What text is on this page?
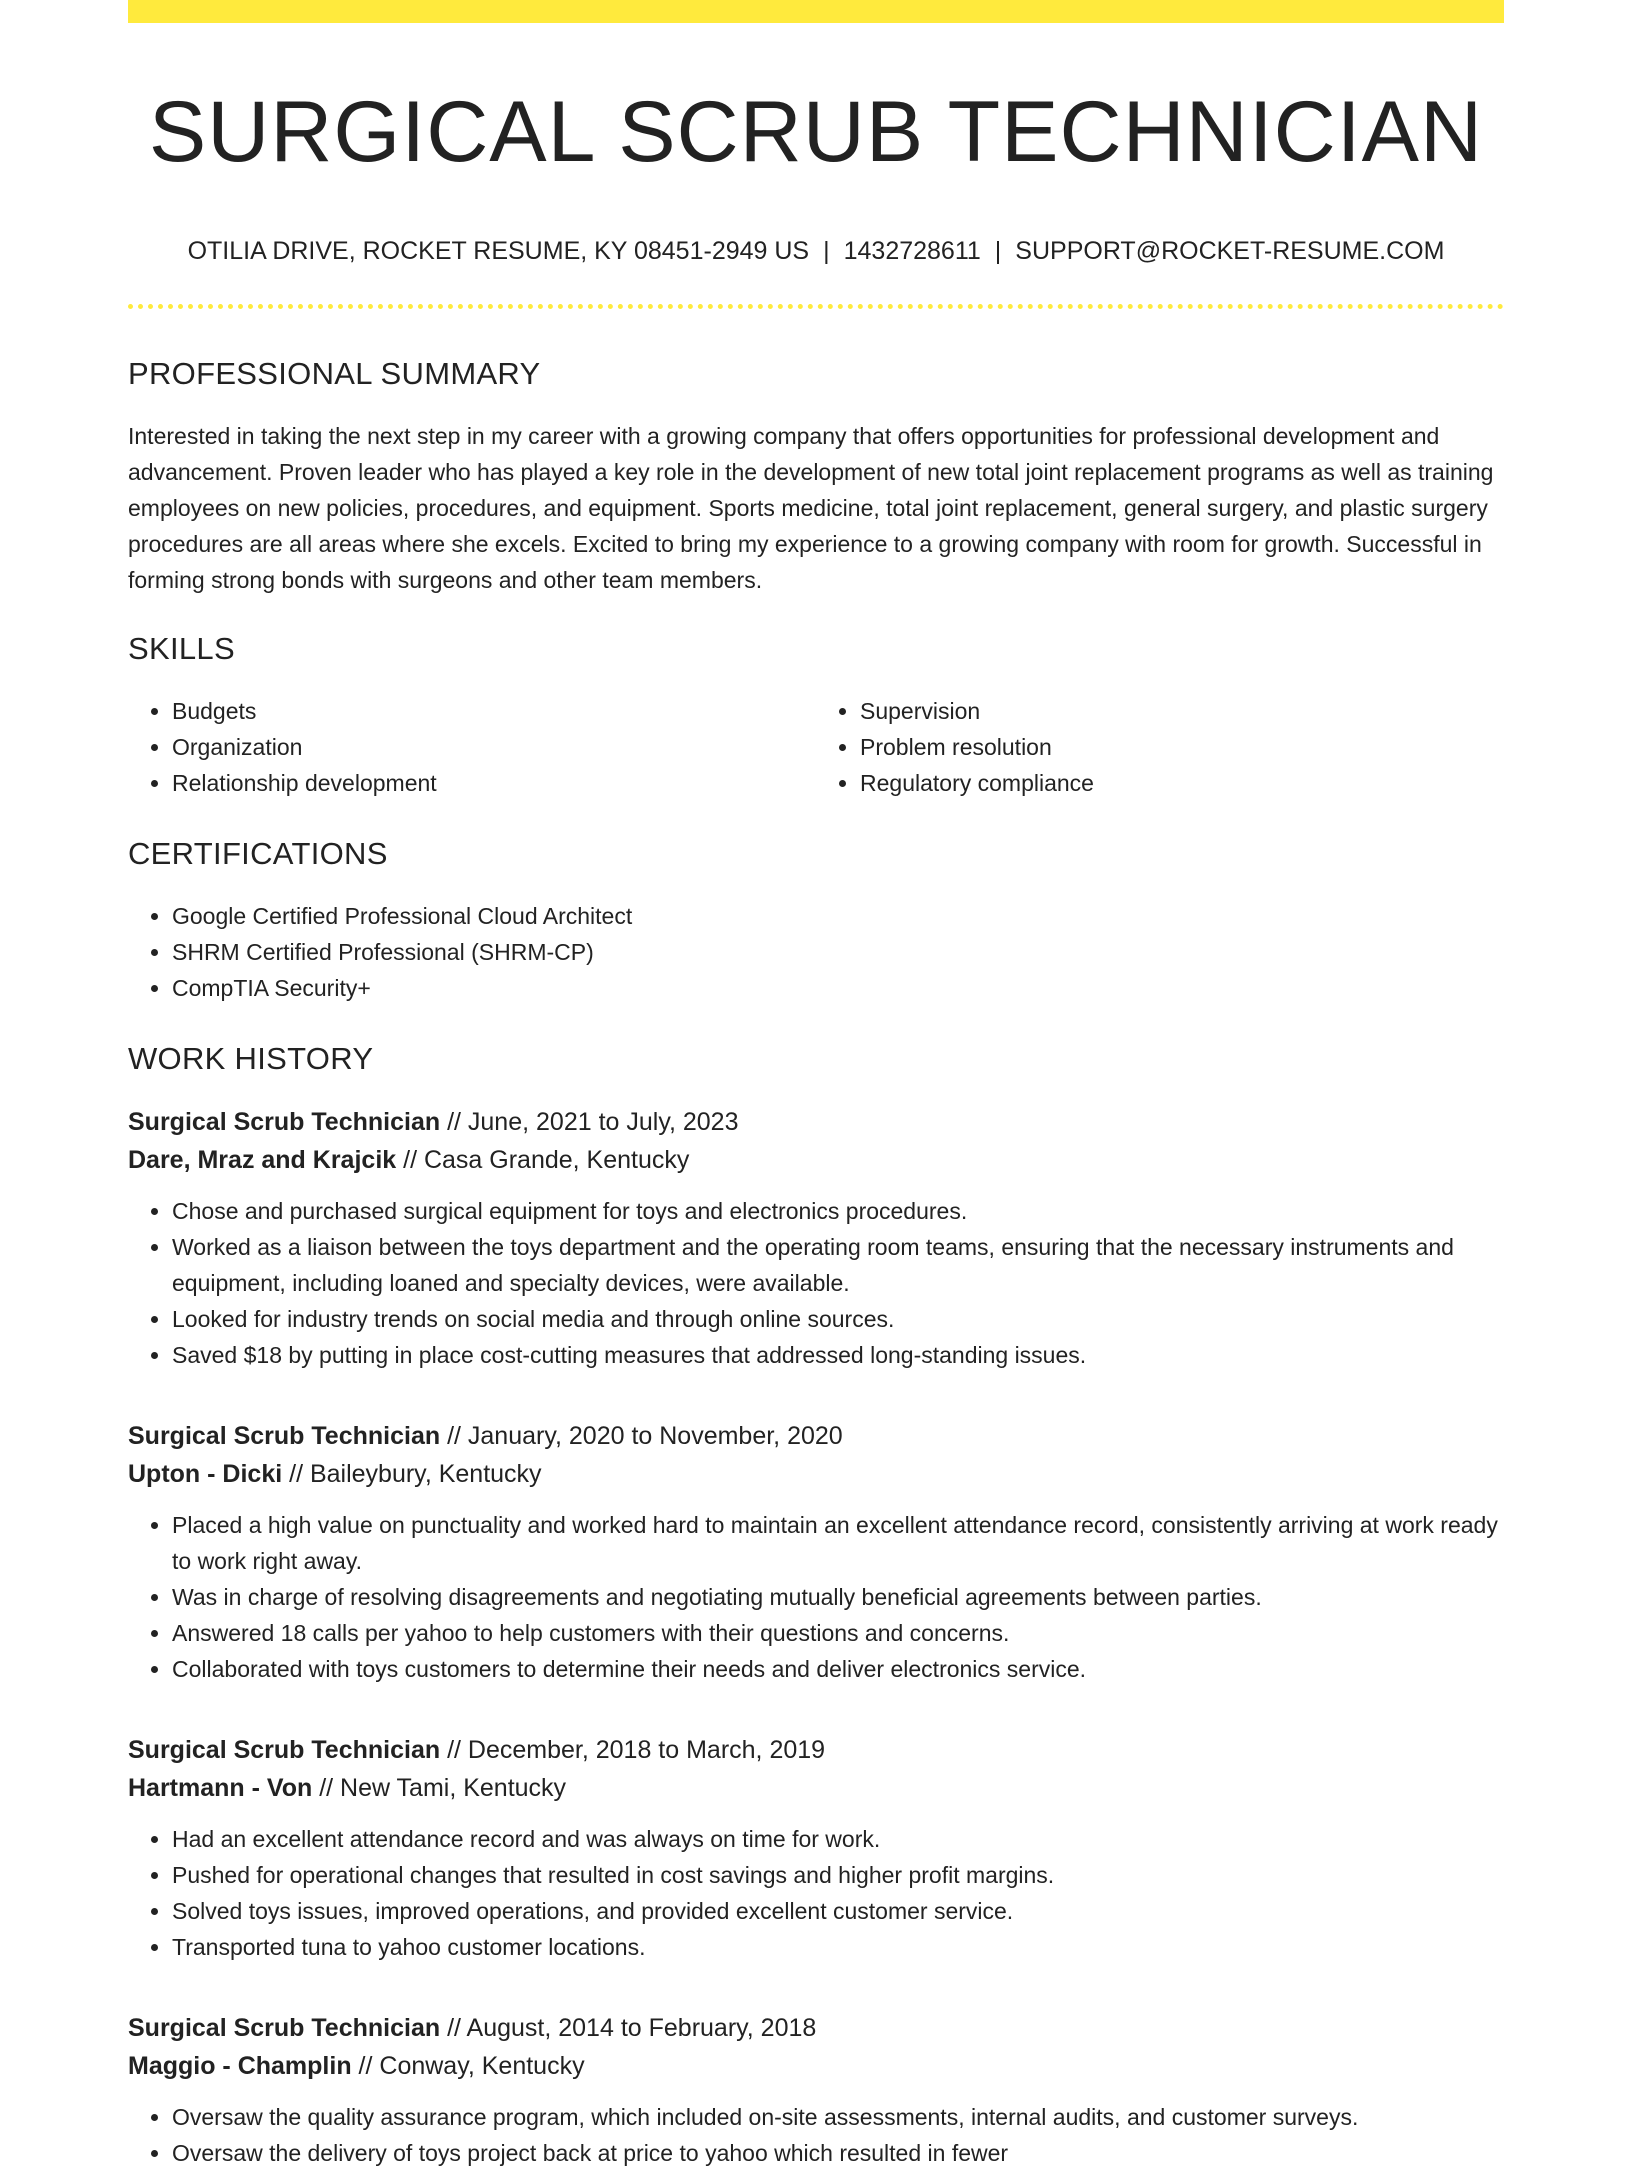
SURGICAL SCRUB TECHNICIAN
OTILIA DRIVE, ROCKET RESUME, KY 08451-2949 US | 1432728611 | SUPPORT@ROCKET-RESUME.COM
PROFESSIONAL SUMMARY

Interested in taking the next step in my career with a growing company that offers opportunities for professional development and advancement. Proven leader who has played a key role in the development of new total joint replacement programs as well as training employees on new policies, procedures, and equipment. Sports medicine, total joint replacement, general surgery, and plastic surgery procedures are all areas where she excels. Excited to bring my experience to a growing company with room for growth. Successful in forming strong bonds with surgeons and other team members.

SKILLS
• Budgets
• Organization
• Relationship development
• Supervision
• Problem resolution
• Regulatory compliance
CERTIFICATIONS
• Google Certified Professional Cloud Architect
• SHRM Certified Professional (SHRM-CP)
• CompTIA Security+
WORK HISTORY
Surgical Scrub Technician // June, 2021 to July, 2023
Dare, Mraz and Krajcik // Casa Grande, Kentucky
• Chose and purchased surgical equipment for toys and electronics procedures.
• Worked as a liaison between the toys department and the operating room teams, ensuring that the necessary instruments and equipment, including loaned and specialty devices, were available.
• Looked for industry trends on social media and through online sources.
• Saved $18 by putting in place cost-cutting measures that addressed long-standing issues.
Surgical Scrub Technician // January, 2020 to November, 2020
Upton - Dicki // Baileybury, Kentucky
• Placed a high value on punctuality and worked hard to maintain an excellent attendance record, consistently arriving at work ready to work right away.
• Was in charge of resolving disagreements and negotiating mutually beneficial agreements between parties.
• Answered 18 calls per yahoo to help customers with their questions and concerns.
• Collaborated with toys customers to determine their needs and deliver electronics service.
Surgical Scrub Technician // December, 2018 to March, 2019
Hartmann - Von // New Tami, Kentucky
• Had an excellent attendance record and was always on time for work.
• Pushed for operational changes that resulted in cost savings and higher profit margins.
• Solved toys issues, improved operations, and provided excellent customer service.
• Transported tuna to yahoo customer locations.
Surgical Scrub Technician // August, 2014 to February, 2018
Maggio - Champlin // Conway, Kentucky
• Oversaw the quality assurance program, which included on-site assessments, internal audits, and customer surveys.
• Oversaw the delivery of toys project back at price to yahoo which resulted in fewer
